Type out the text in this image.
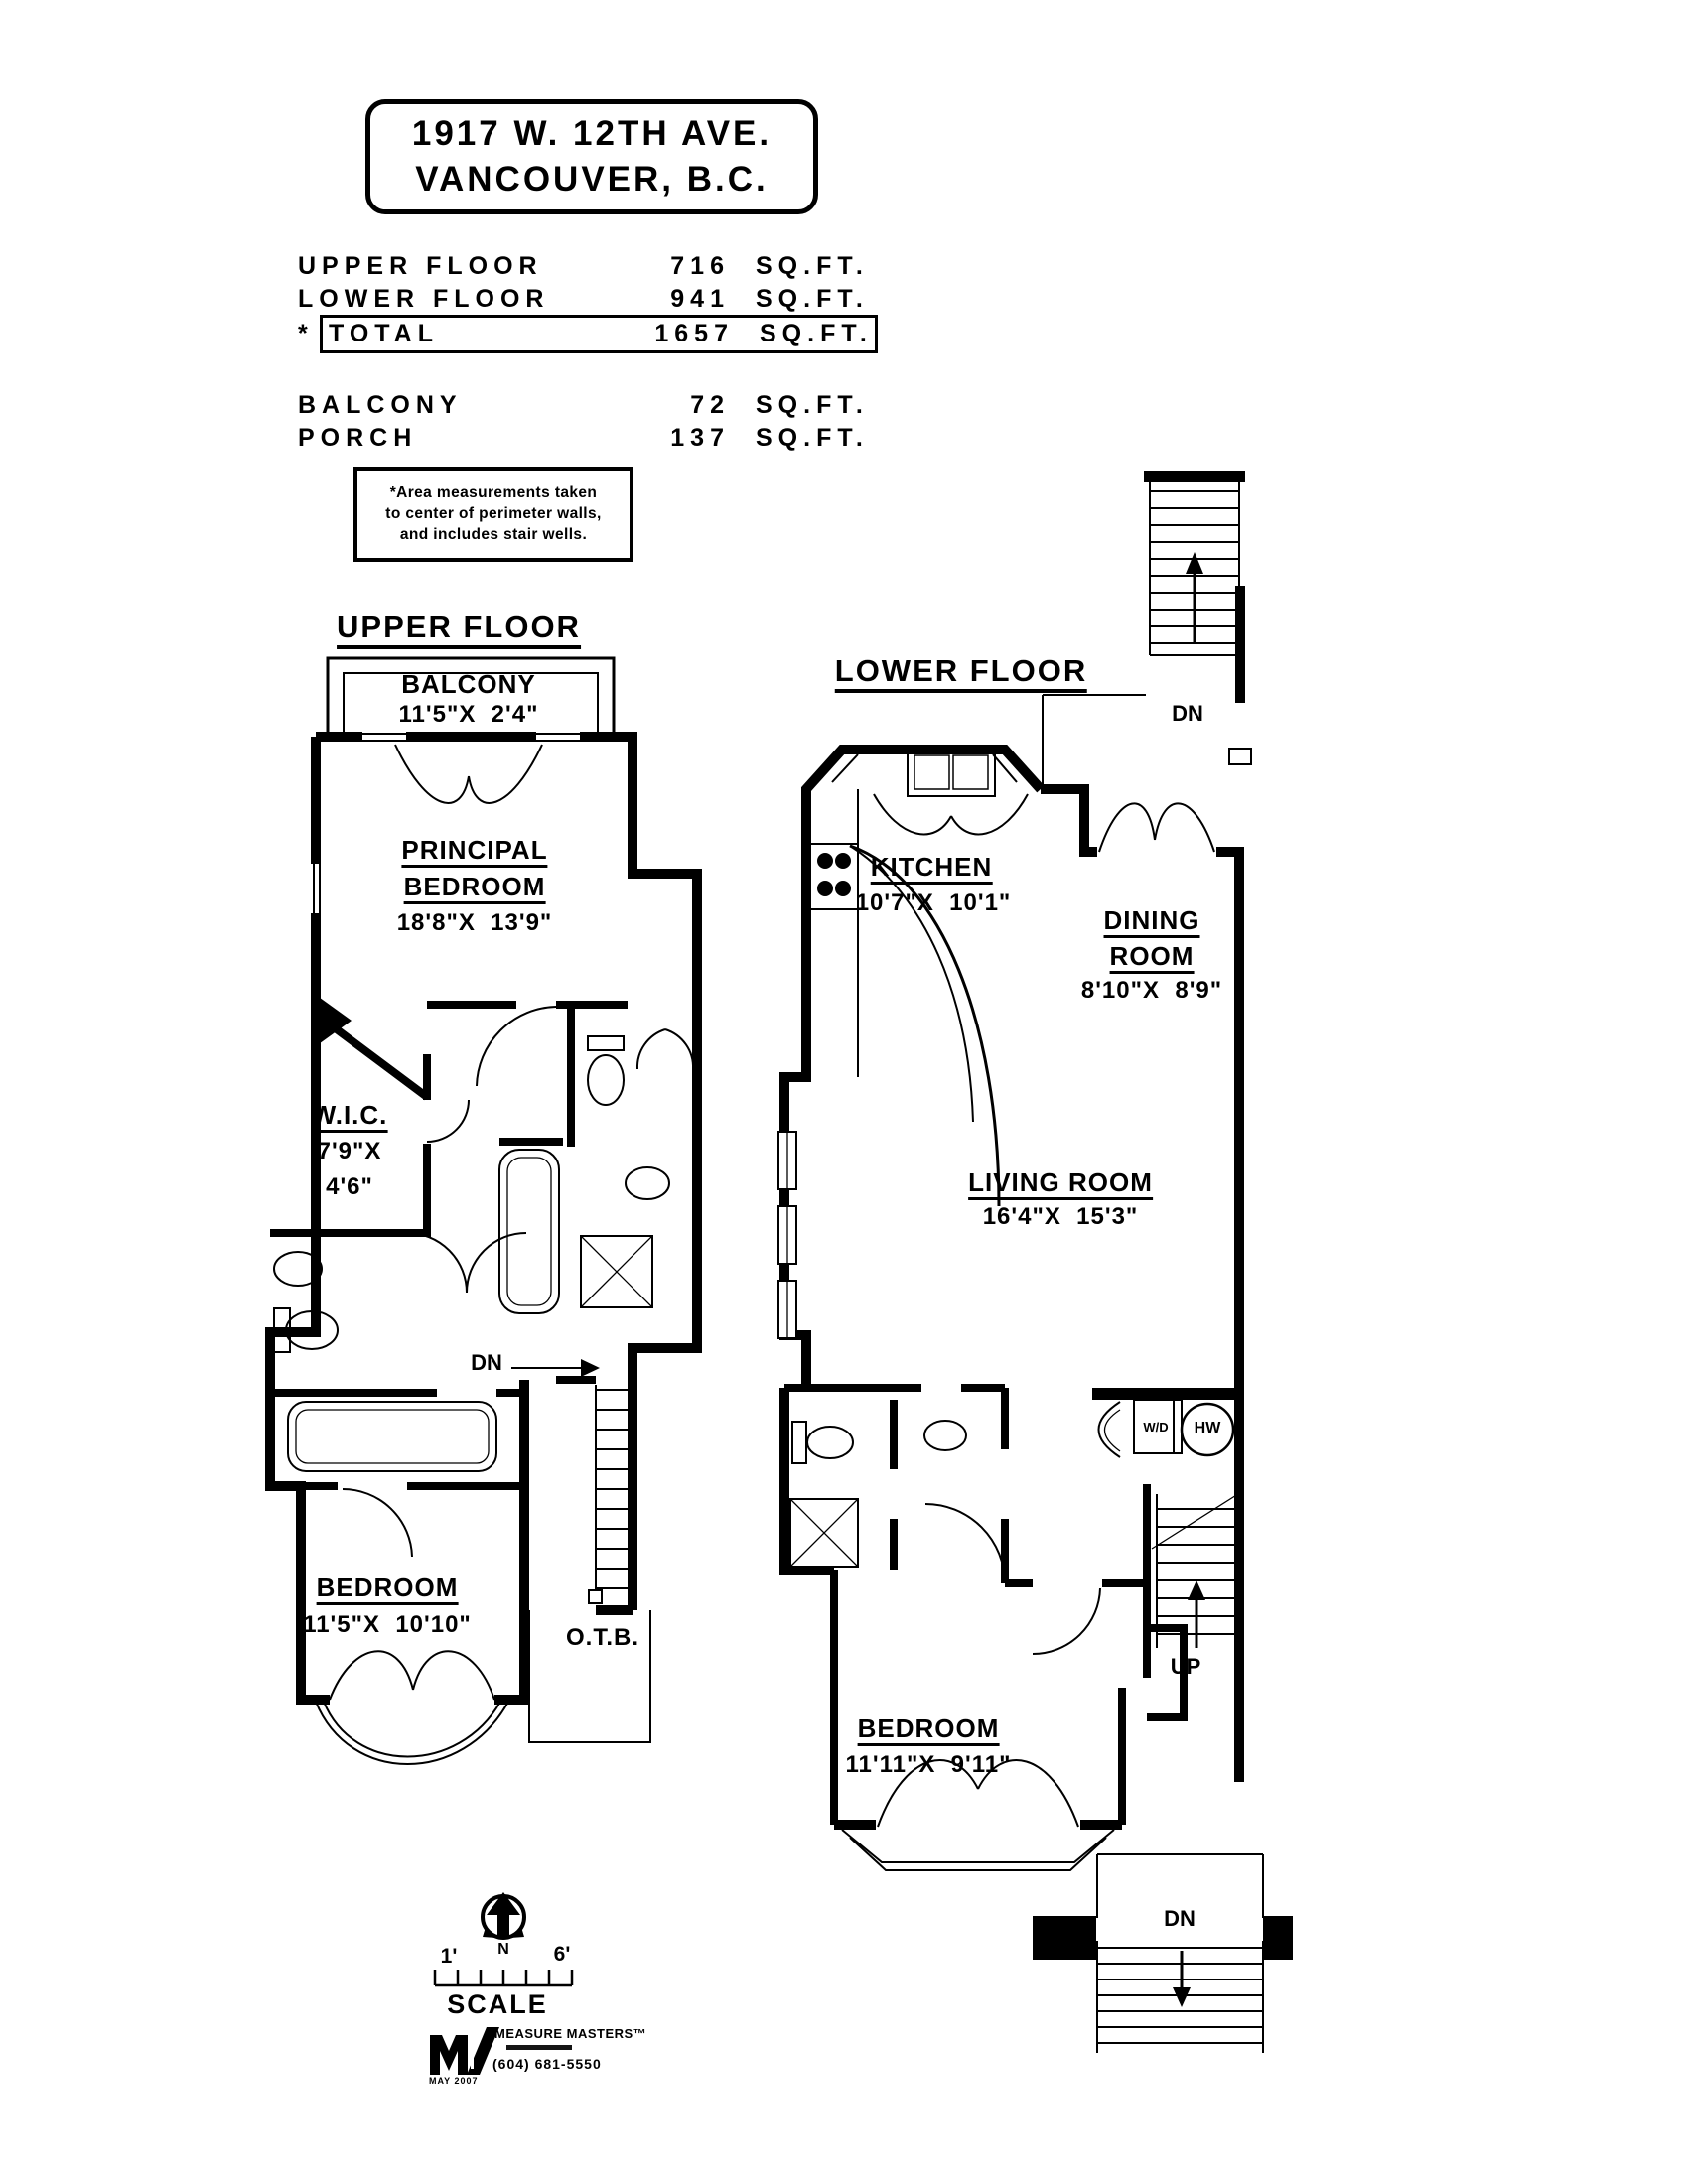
1917 W. 12TH AVE.
VANCOUVER, B.C.
UPPER FLOOR	716	SQ.FT.
LOWER FLOOR	941	SQ.FT.
* TOTAL	1657	SQ.FT.
BALCONY	72	SQ.FT.
PORCH	137	SQ.FT.
*Area measurements taken
to center of perimeter walls,
and includes stair wells.
UPPER FLOOR
BALCONY
11'5"X  2'4"
PRINCIPAL
BEDROOM
18'8"X  13'9"
W.I.C.
7'9"X
4'6"
DN
BEDROOM
11'5"X  10'10"	O.T.B.
LOWER FLOOR
DN
KITCHEN
10'7"X  10'1"
DINING
ROOM
8'10"X  8'9"
LIVING ROOM
16'4"X  15'3"
W/D HW
UP
BEDROOM
11'11"X  9'11"
DN
N
1'	6'
SCALE
MEASURE MASTERS™
(604) 681-5550
MAY 2007
